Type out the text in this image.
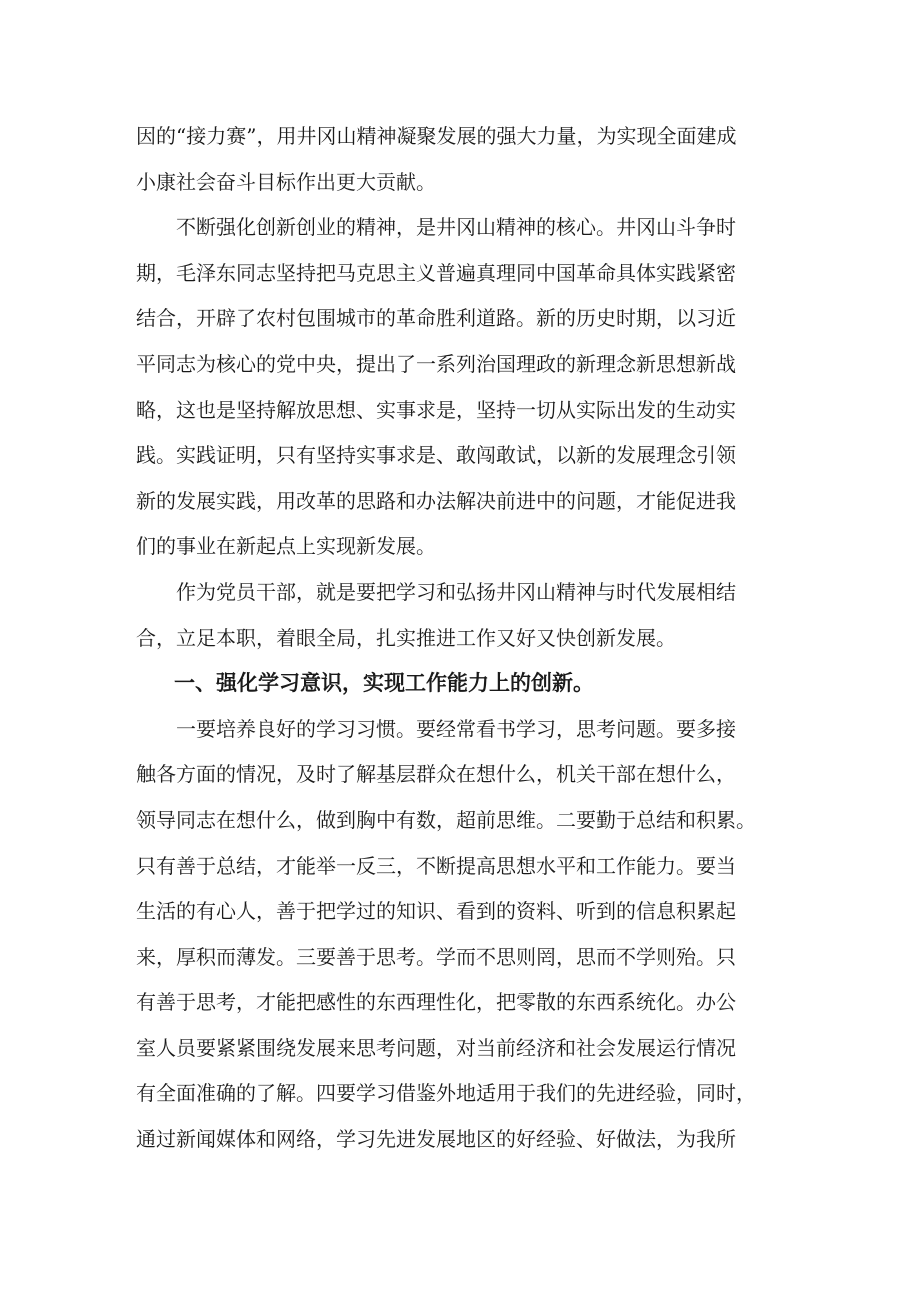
因的“接力赛”，用井冈山精神凝聚发展的强大力量，为实现全面建成
小康社会奋斗目标作出更大贡献。
不断强化创新创业的精神，是井冈山精神的核心。井冈山斗争时
期，毛泽东同志坚持把马克思主义普遍真理同中国革命具体实践紧密
结合，开辟了农村包围城市的革命胜利道路。新的历史时期，以习近
平同志为核心的党中央，提出了一系列治国理政的新理念新思想新战
略，这也是坚持解放思想、实事求是，坚持一切从实际出发的生动实
践。实践证明，只有坚持实事求是、敢闯敢试，以新的发展理念引领
新的发展实践，用改革的思路和办法解决前进中的问题，才能促进我
们的事业在新起点上实现新发展。
作为党员干部，就是要把学习和弘扬井冈山精神与时代发展相结
合，立足本职，着眼全局，扎实推进工作又好又快创新发展。
一、强化学习意识，实现工作能力上的创新。
一要培养良好的学习习惯。要经常看书学习，思考问题。要多接
触各方面的情况，及时了解基层群众在想什么，机关干部在想什么，
领导同志在想什么，做到胸中有数，超前思维。二要勤于总结和积累。
只有善于总结，才能举一反三，不断提高思想水平和工作能力。要当
生活的有心人，善于把学过的知识、看到的资料、听到的信息积累起
来，厚积而薄发。三要善于思考。学而不思则罔，思而不学则殆。只
有善于思考，才能把感性的东西理性化，把零散的东西系统化。办公
室人员要紧紧围绕发展来思考问题，对当前经济和社会发展运行情况
有全面准确的了解。四要学习借鉴外地适用于我们的先进经验，同时，
通过新闻媒体和网络，学习先进发展地区的好经验、好做法，为我所
